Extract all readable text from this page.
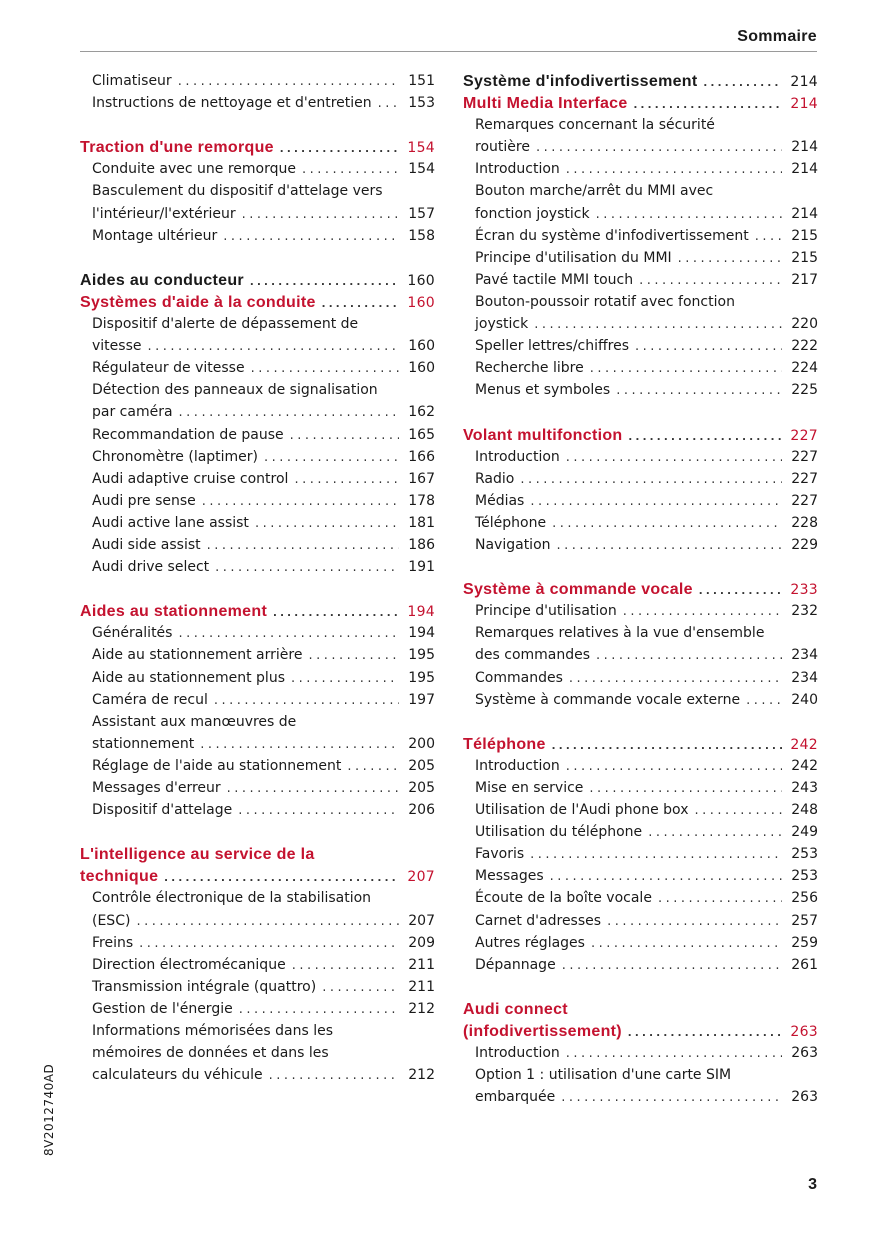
Sommaire
Climatiseur .....	151
Instructions de nettoyage et d'entretien .....	153
Traction d'une remorque .....	154
Conduite avec une remorque .....	154
Basculement du dispositif d'attelage vers
l'intérieur/l'extérieur .....	157
Montage ultérieur .....	158
Aides au conducteur .....	160
Systèmes d'aide à la conduite .....	160
Dispositif d'alerte de dépassement de
vitesse .....	160
Régulateur de vitesse .....	160
Détection des panneaux de signalisation
par caméra .....	162
Recommandation de pause .....	165
Chronomètre (laptimer) .....	166
Audi adaptive cruise control .....	167
Audi pre sense .....	178
Audi active lane assist .....	181
Audi side assist .....	186
Audi drive select .....	191
Aides au stationnement .....	194
Généralités .....	194
Aide au stationnement arrière .....	195
Aide au stationnement plus .....	195
Caméra de recul .....	197
Assistant aux manœuvres de
stationnement .....	200
Réglage de l'aide au stationnement .....	205
Messages d'erreur .....	205
Dispositif d'attelage .....	206
L'intelligence au service de la
technique .....	207
Contrôle électronique de la stabilisation
(ESC) .....	207
Freins .....	209
Direction électromécanique .....	211
Transmission intégrale (quattro) .....	211
Gestion de l'énergie .....	212
Informations mémorisées dans les
mémoires de données et dans les
calculateurs du véhicule .....	212
Système d'infodivertissement .....	214
Multi Media Interface .....	214
Remarques concernant la sécurité
routière .....	214
Introduction .....	214
Bouton marche/arrêt du MMI avec
fonction joystick .....	214
Écran du système d'infodivertissement .....	215
Principe d'utilisation du MMI .....	215
Pavé tactile MMI touch .....	217
Bouton-poussoir rotatif avec fonction
joystick .....	220
Speller lettres/chiffres .....	222
Recherche libre .....	224
Menus et symboles .....	225
Volant multifonction .....	227
Introduction .....	227
Radio .....	227
Médias .....	227
Téléphone .....	228
Navigation .....	229
Système à commande vocale .....	233
Principe d'utilisation .....	232
Remarques relatives à la vue d'ensemble
des commandes .....	234
Commandes .....	234
Système à commande vocale externe .....	240
Téléphone .....	242
Introduction .....	242
Mise en service .....	243
Utilisation de l'Audi phone box .....	248
Utilisation du téléphone .....	249
Favoris .....	253
Messages .....	253
Écoute de la boîte vocale .....	256
Carnet d'adresses .....	257
Autres réglages .....	259
Dépannage .....	261
Audi connect
(infodivertissement) .....	263
Introduction .....	263
Option 1 : utilisation d'une carte SIM
embarquée .....	263
8V2012740AD
3
